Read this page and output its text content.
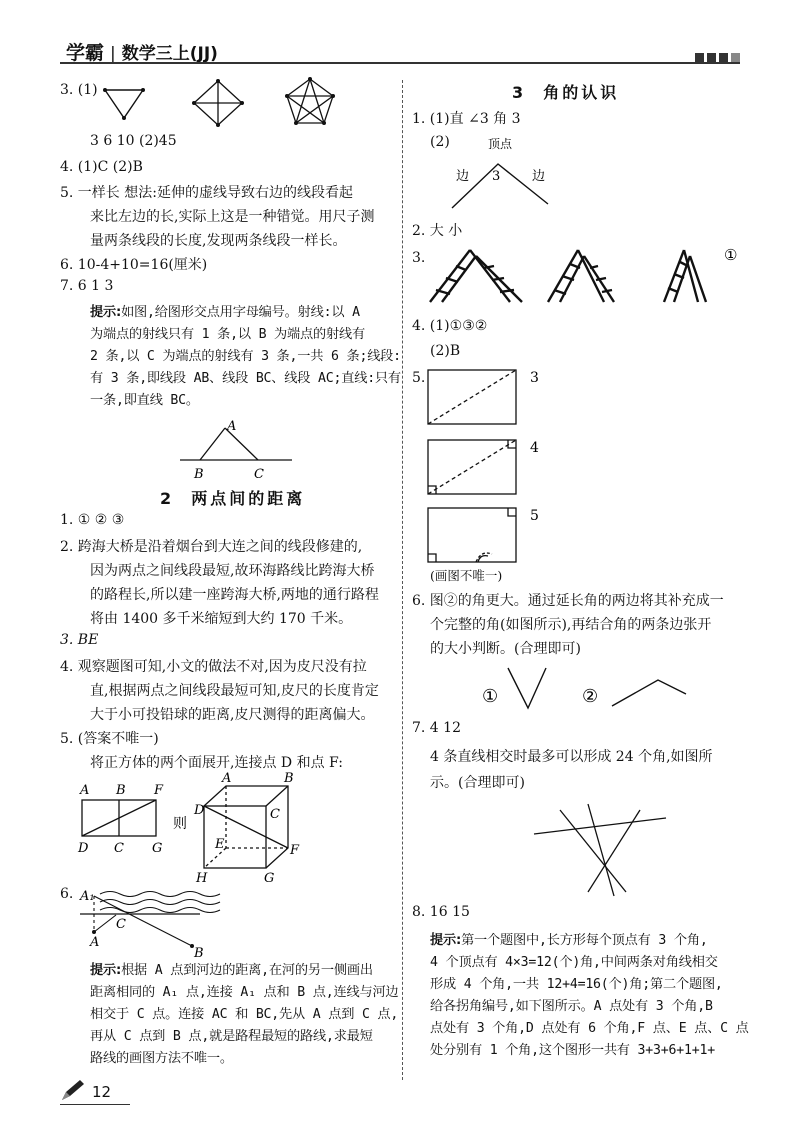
学霸 | 数学三上(JJ)
3. (1)
3 6 10 (2)45
4. (1)C (2)B
5. 一样长 想法:延伸的虚线导致右边的线段看起
来比左边的长,实际上这是一种错觉。用尺子测
量两条线段的长度,发现两条线段一样长。
6. 10-4+10=16(厘米)
7. 6 1 3
提示:如图,给图形交点用字母编号。射线:以 A
为端点的射线只有 1 条,以 B 为端点的射线有
2 条,以 C 为端点的射线有 3 条,一共 6 条;线段:
有 3 条,即线段 AB、线段 BC、线段 AC;直线:只有
一条,即直线 BC。
A
B	C
2 两点间的距离
1. ① ② ③
2. 跨海大桥是沿着烟台到大连之间的线段修建的,
因为两点之间线段最短,故环海路线比跨海大桥
的路程长,所以建一座跨海大桥,两地的通行路程
将由 1400 多千米缩短到大约 170 千米。
3. BE
4. 观察题图可知,小文的做法不对,因为皮尺没有拉
直,根据两点之间线段最短可知,皮尺的长度肯定
大于小可投铅球的距离,皮尺测得的距离偏大。
5. (答案不唯一)
将正方体的两个面展开,连接点 D 和点 F:
A B F
D C G
则
A	B
D	C
E	F
H	G
6. A₁
C
A
B
提示:根据 A 点到河边的距离,在河的另一侧画出
距离相同的 A₁ 点,连接 A₁ 点和 B 点,连线与河边
相交于 C 点。连接 AC 和 BC,先从 A 点到 C 点,
再从 C 点到 B 点,就是路程最短的路线,求最短
路线的画图方法不唯一。
3 角的认识
1. (1)直 ∠3 角 3
(2)	顶点
边 3 边
2. 大 小
3.	①
4. (1)①③②
(2)B
5.	3
4
5
(画图不唯一)
6. 图②的角更大。通过延长角的两边将其补充成一
个完整的角(如图所示),再结合角的两条边张开
的大小判断。(合理即可)
①	②
7. 4 12
4 条直线相交时最多可以形成 24 个角,如图所
示。(合理即可)
8. 16 15
提示:第一个题图中,长方形每个顶点有 3 个角,
4 个顶点有 4×3=12(个)角,中间两条对角线相交
形成 4 个角,一共 12+4=16(个)角;第二个题图,
给各拐角编号,如下图所示。A 点处有 3 个角,B
点处有 3 个角,D 点处有 6 个角,F 点、E 点、C 点
处分别有 1 个角,这个图形一共有 3+3+6+1+1+
12
